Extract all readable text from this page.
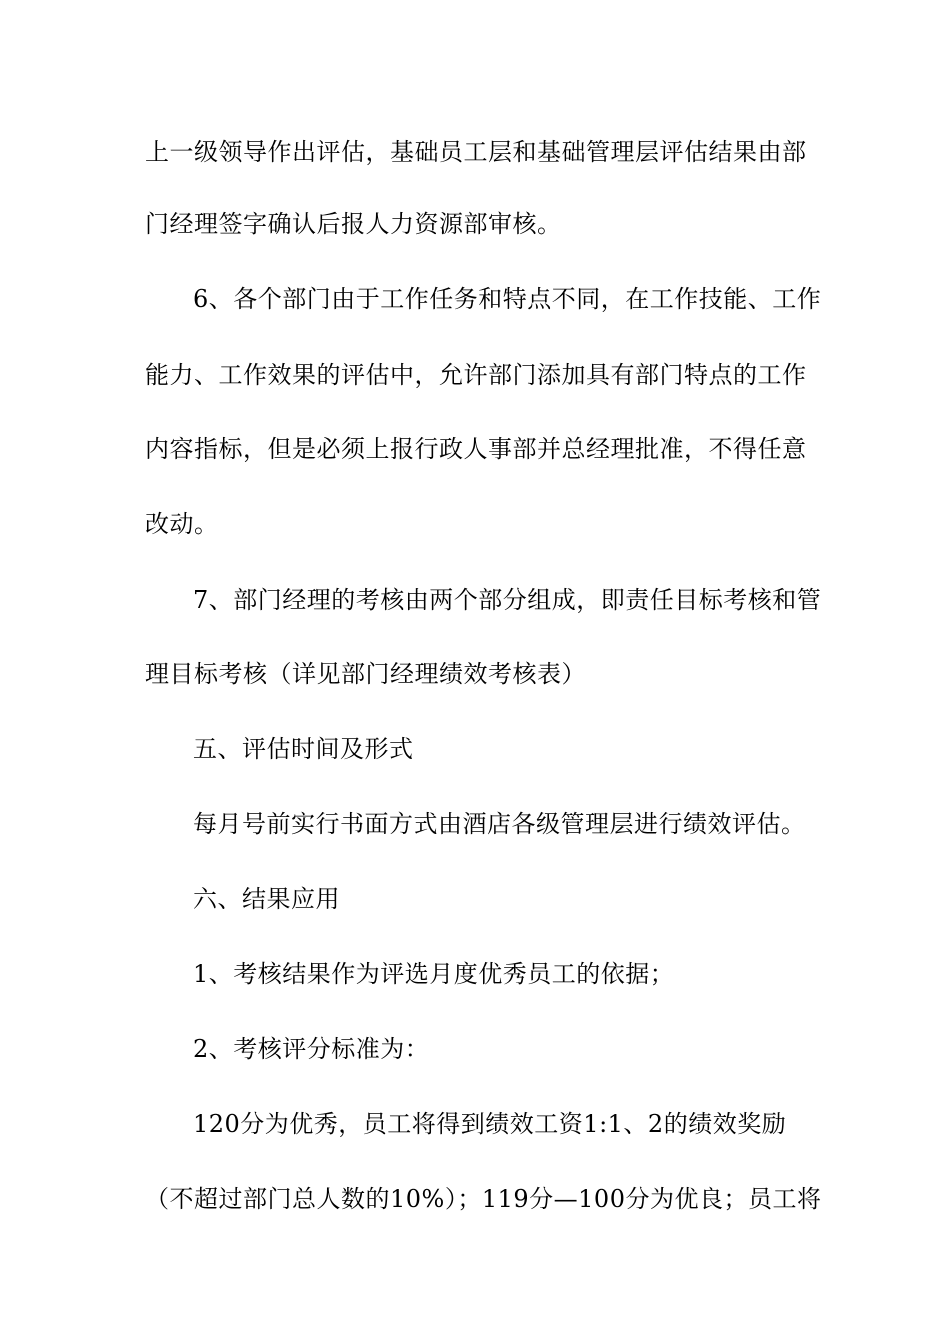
上一级领导作出评估，基础员工层和基础管理层评估结果由部
门经理签字确认后报人力资源部审核。
6、各个部门由于工作任务和特点不同，在工作技能、工作
能力、工作效果的评估中，允许部门添加具有部门特点的工作
内容指标，但是必须上报行政人事部并总经理批准，不得任意
改动。
7、部门经理的考核由两个部分组成，即责任目标考核和管
理目标考核（详见部门经理绩效考核表）
五、评估时间及形式
每月号前实行书面方式由酒店各级管理层进行绩效评估。
六、结果应用
1、考核结果作为评选月度优秀员工的依据；
2、考核评分标准为：
120分为优秀，员工将得到绩效工资1:1、2的绩效奖励
（不超过部门总人数的10%）；119分—100分为优良；员工将
